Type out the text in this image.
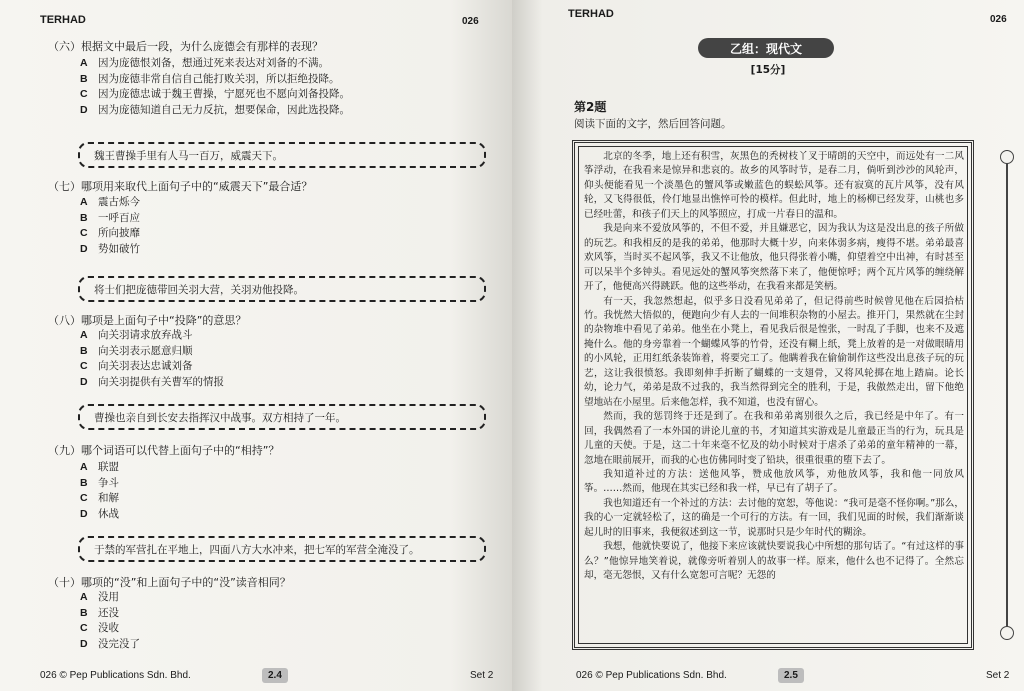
TERHAD	026
（六）根据文中最后一段，为什么庞德会有那样的表现？
A 因为庞德恨刘备，想通过死来表达对刘备的不满。
B 因为庞德非常自信自己能打败关羽，所以拒绝投降。
C 因为庞德忠诚于魏王曹操，宁愿死也不愿向刘备投降。
D 因为庞德知道自己无力反抗，想要保命，因此选投降。
魏王曹操手里有人马一百万，威震天下。
（七）哪项用来取代上面句子中的“威震天下”最合适？
A 震古烁今
B 一呼百应
C 所向披靡
D 势如破竹
将士们把庞德带回关羽大营，关羽劝他投降。
（八）哪项是上面句子中“投降”的意思？
A 向关羽请求放弃战斗
B 向关羽表示愿意归顺
C 向关羽表达忠诚刘备
D 向关羽提供有关曹军的情报
曹操也亲自到长安去指挥汉中战事。双方相持了一年。
（九）哪个词语可以代替上面句子中的“相持”？
A 联盟
B 争斗
C 和解
D 休战
于禁的军营扎在平地上，四面八方大水冲来，把七军的军营全淹没了。
（十）哪项的“没”和上面句子中的“没”读音相同？
A 没用
B 还没
C 没收
D 没完没了
026 © Pep Publications Sdn. Bhd.	2.4	Set 2
TERHAD	026
乙组：现代文
[15分]
第2题
阅读下面的文字，然后回答问题。

北京的冬季，地上还有积雪，灰黑色的秃树枝丫叉于晴朗的天空中，而远处有一二风筝浮动，在我看来是惊异和悲哀的。故乡的风筝时节，是春二月，倘听到沙沙的风轮声，仰头便能看见一个淡墨色的蟹风筝或嫩蓝色的蜈蚣风筝。还有寂寞的瓦片风筝，没有风轮，又飞得很低，伶仃地显出憔悴可怜的模样。但此时，地上的杨柳已经发芽，山桃也多已经吐蕾，和孩子们天上的风筝照应，打成一片春日的温和。

我是向来不爱放风筝的，不但不爱，并且嫌恶它，因为我认为这是没出息的孩子所做的玩艺。和我相反的是我的弟弟，他那时大概十岁，向来体弱多病，瘦得不堪。弟弟最喜欢风筝，当时买不起风筝，我又不让他放，他只得张着小嘴，仰望着空中出神，有时甚至可以呆半个多钟头。看见远处的蟹风筝突然落下来了，他便惊呼；两个瓦片风筝的缠绕解开了，他便高兴得跳跃。他的这些举动，在我看来都是笑柄。

有一天，我忽然想起，似乎多日没看见弟弟了，但记得前些时候曾见他在后园拾枯竹。我恍然大悟似的，便跑向少有人去的一间堆积杂物的小屋去。推开门，果然就在尘封的杂物堆中看见了弟弟。他坐在小凳上，看见我后很是惶张，一时乱了手脚，也来不及遮掩什么。他的身旁靠着一个蝴蝶风筝的竹骨，还没有糊上纸，凳上放着的是一对做眼睛用的小风轮，正用红纸条装饰着，将要完工了。他瞒着我在偷偷制作这些没出息孩子玩的玩艺，这让我很愤怒。我即刻伸手折断了蝴蝶的一支翅骨，又将风轮掷在地上踏扁。论长幼，论力气，弟弟是敌不过我的，我当然得到完全的胜利，于是，我傲然走出，留下他绝望地站在小屋里。后来他怎样，我不知道，也没有留心。

然而，我的惩罚终于还是到了。在我和弟弟离别很久之后，我已经是中年了。有一回，我偶然看了一本外国的讲论儿童的书，才知道其实游戏是儿童最正当的行为，玩具是儿童的天使。于是，这二十年来毫不忆及的幼小时候对于虐杀了弟弟的童年精神的一幕，忽地在眼前展开，而我的心也仿佛同时变了铅块，很重很重的堕下去了。

我知道补过的方法：送他风筝，赞成他放风筝，劝他放风筝，我和他一同放风筝。……然而，他现在其实已经和我一样，早已有了胡子了。

我也知道还有一个补过的方法：去讨他的宽恕，等他说：“我可是毫不怪你啊。”那么，我的心一定就轻松了，这的确是一个可行的方法。有一回，我们见面的时候，我们渐渐谈起儿时的旧事来，我便叙述到这一节，说那时只是少年时代的糊涂。

我想，他就快要说了，他接下来应该就快要说我心中所想的那句话了。“有过这样的事么？”他惊异地笑着说，就像旁听着别人的故事一样。原来，他什么也不记得了。全然忘却，毫无怨恨，又有什么宽恕可言呢？无怨的

026 © Pep Publications Sdn. Bhd.	2.5	Set 2
